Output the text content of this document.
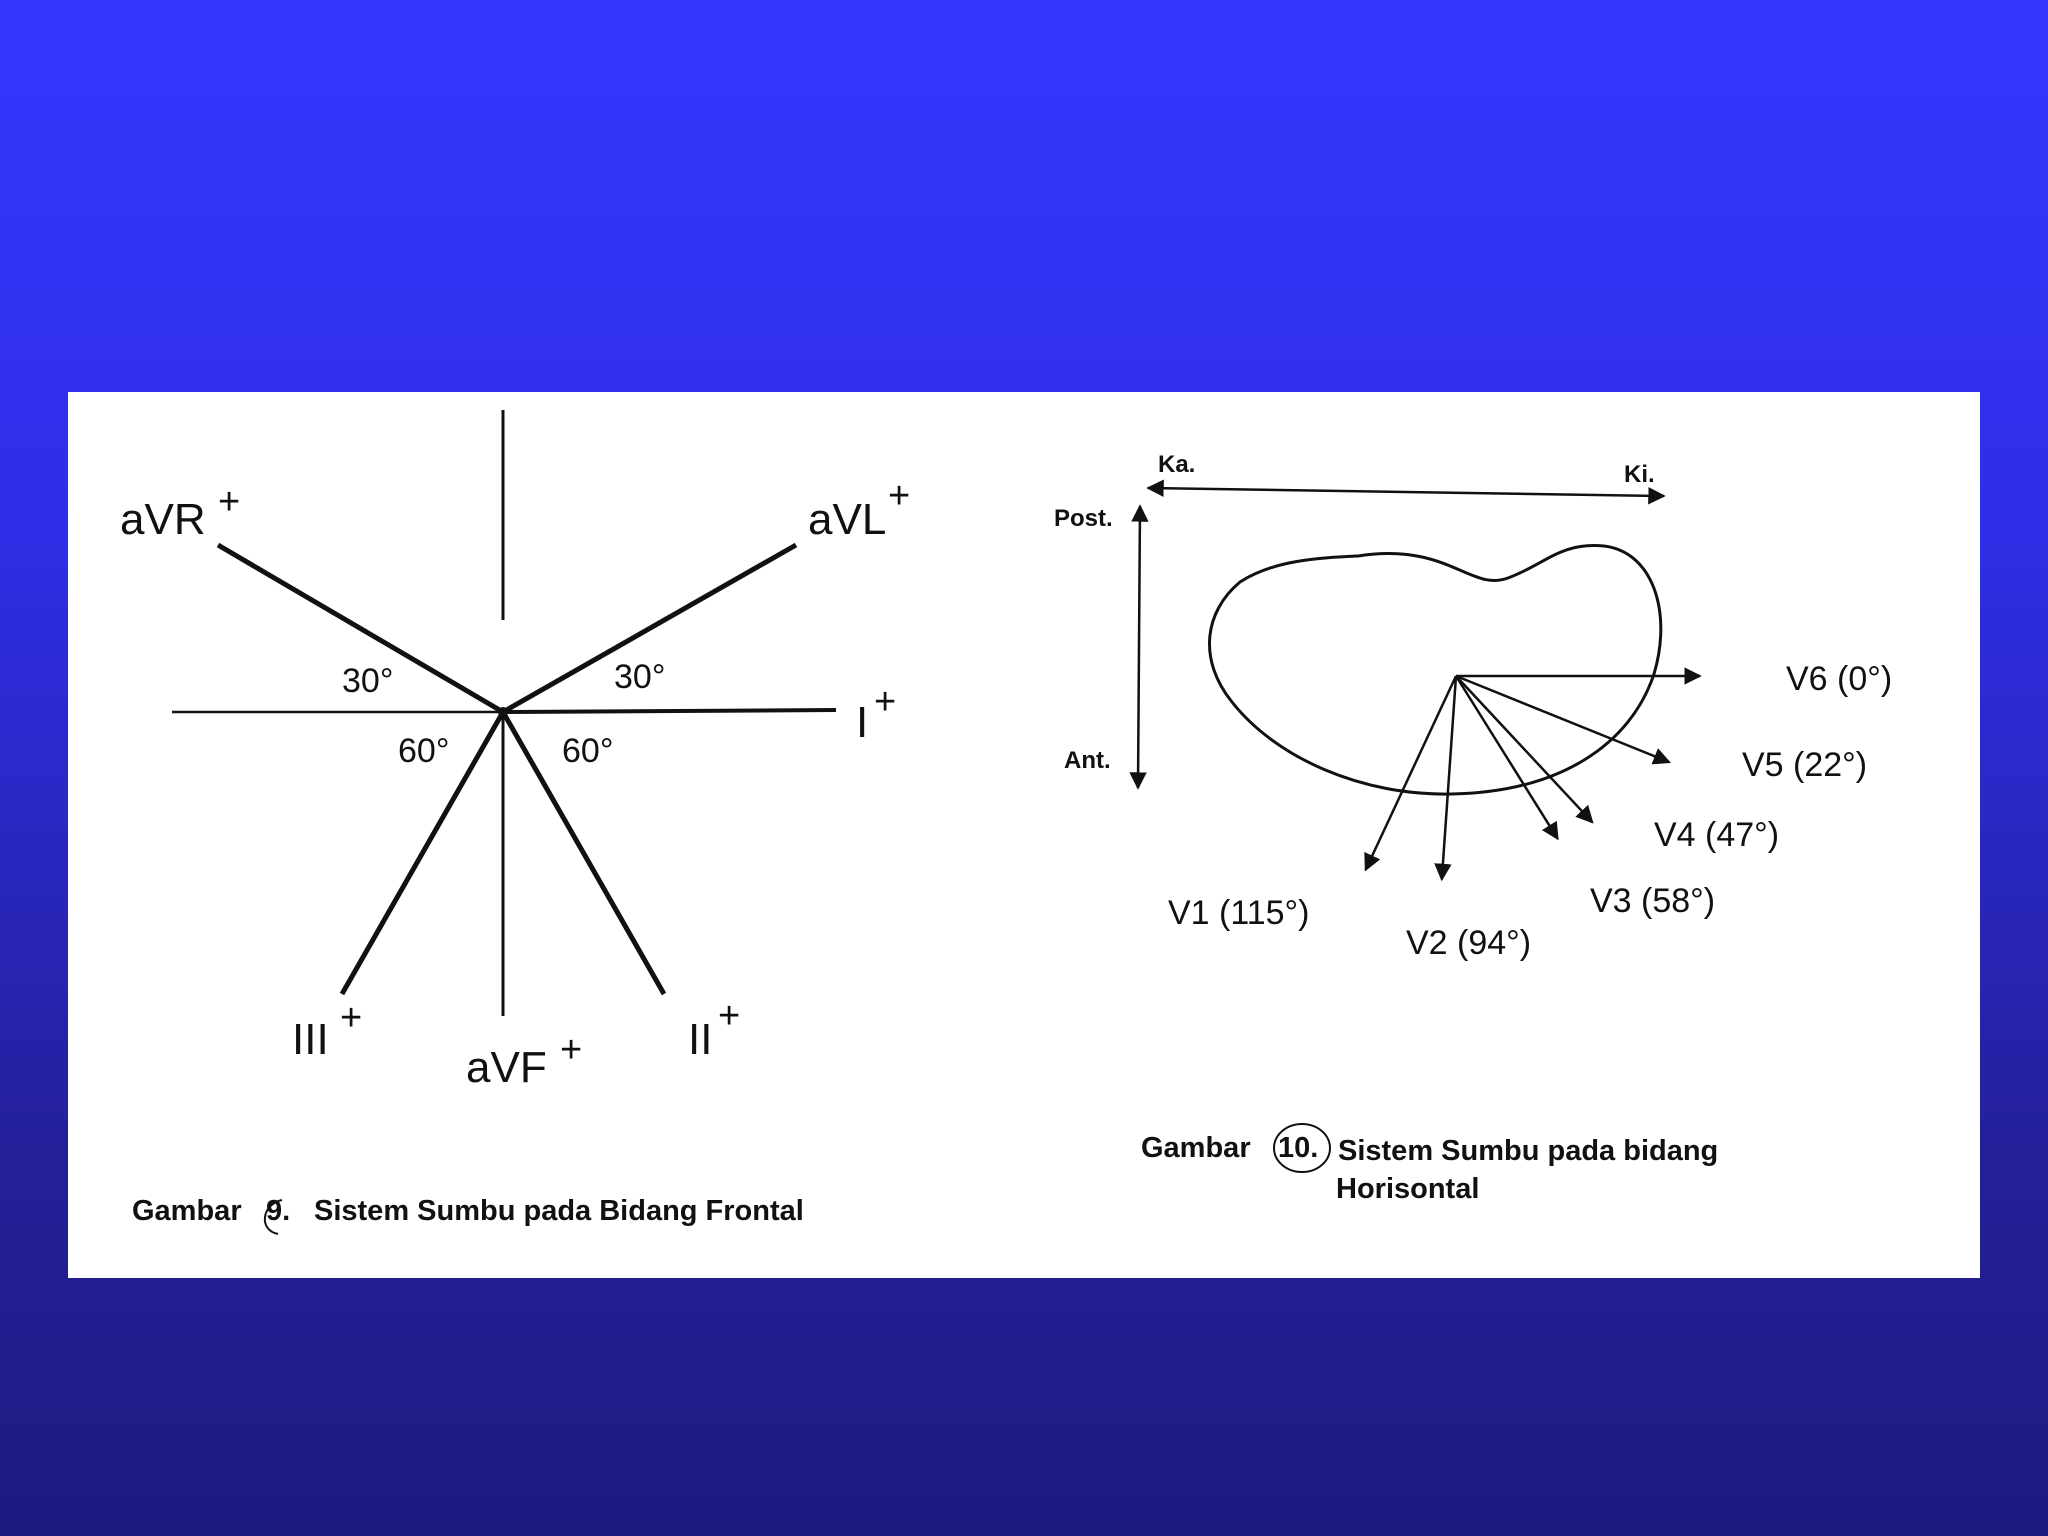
aVR +	aVL +
I +
III +
aVF + II +
30°	30°
60°	60°
Gambar 9. Sistem Sumbu pada Bidang Frontal
Ka.	Ki.
Post.
Ant.
V1 (115°)
V2 (94°)
V3 (58°)
V4 (47°)
V5 (22°)
V6 (0°)
Gambar 10. Sistem Sumbu pada bidang
Horisontal
